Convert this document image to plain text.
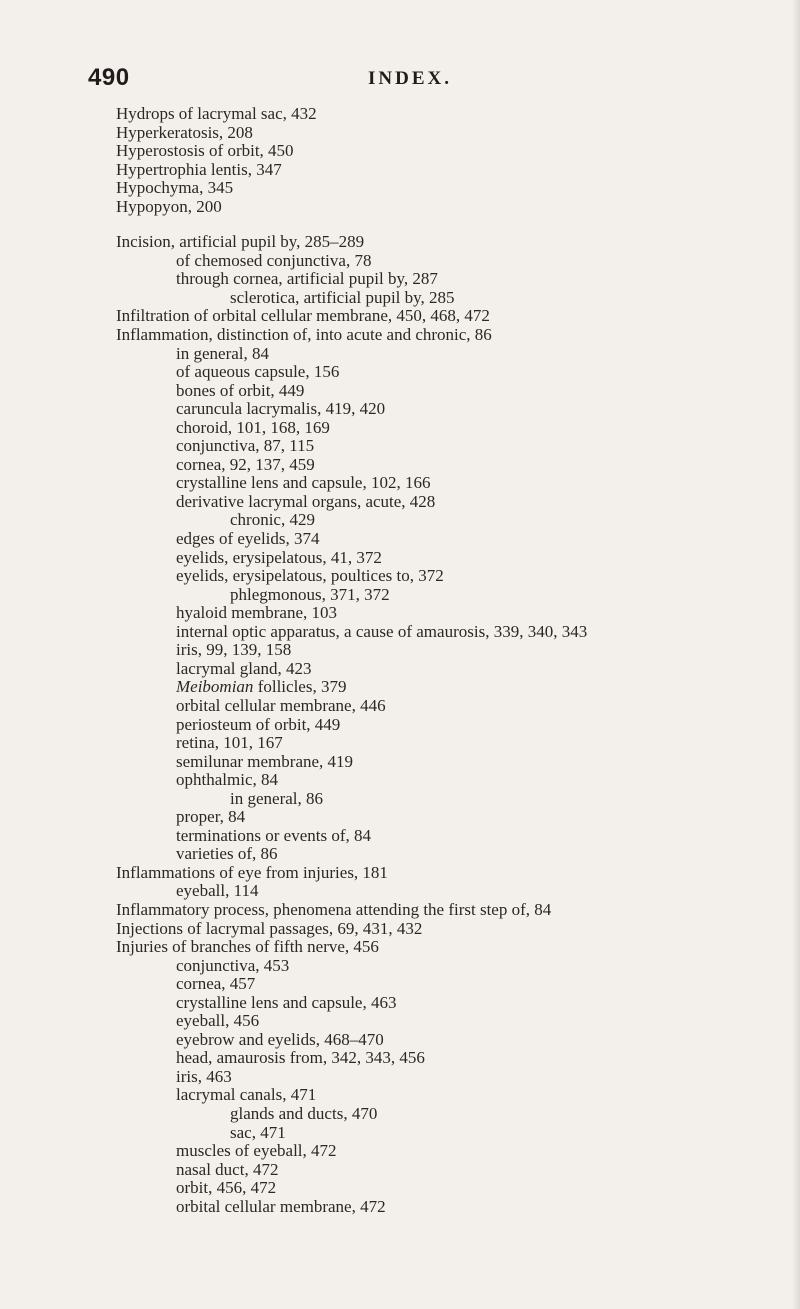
490	INDEX.
Hydrops of lacrymal sac, 432
Hyperkeratosis, 208
Hyperostosis of orbit, 450
Hypertrophia lentis, 347
Hypochyma, 345
Hypopyon, 200
Incision, artificial pupil by, 285–289
of chemosed conjunctiva, 78
through cornea, artificial pupil by, 287
sclerotica, artificial pupil by, 285
Infiltration of orbital cellular membrane, 450, 468, 472
Inflammation, distinction of, into acute and chronic, 86
in general, 84
of aqueous capsule, 156
bones of orbit, 449
caruncula lacrymalis, 419, 420
choroid, 101, 168, 169
conjunctiva, 87, 115
cornea, 92, 137, 459
crystalline lens and capsule, 102, 166
derivative lacrymal organs, acute, 428
chronic, 429
edges of eyelids, 374
eyelids, erysipelatous, 41, 372
eyelids, erysipelatous, poultices to, 372
phlegmonous, 371, 372
hyaloid membrane, 103
internal optic apparatus, a cause of amaurosis, 339, 340, 343
iris, 99, 139, 158
lacrymal gland, 423
Meibomian follicles, 379
orbital cellular membrane, 446
periosteum of orbit, 449
retina, 101, 167
semilunar membrane, 419
ophthalmic, 84
in general, 86
proper, 84
terminations or events of, 84
varieties of, 86
Inflammations of eye from injuries, 181
eyeball, 114
Inflammatory process, phenomena attending the first step of, 84
Injections of lacrymal passages, 69, 431, 432
Injuries of branches of fifth nerve, 456
conjunctiva, 453
cornea, 457
crystalline lens and capsule, 463
eyeball, 456
eyebrow and eyelids, 468–470
head, amaurosis from, 342, 343, 456
iris, 463
lacrymal canals, 471
glands and ducts, 470
sac, 471
muscles of eyeball, 472
nasal duct, 472
orbit, 456, 472
orbital cellular membrane, 472
